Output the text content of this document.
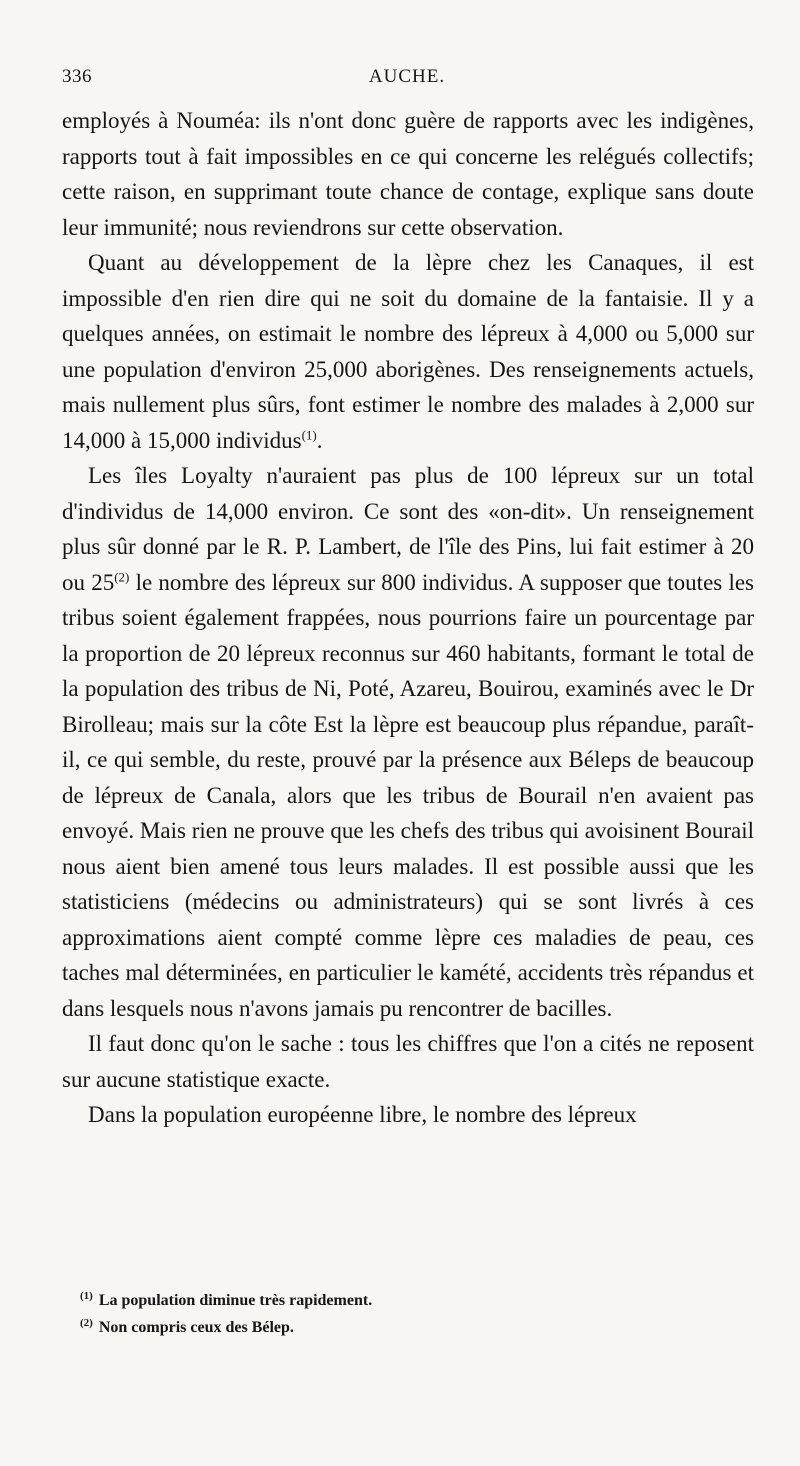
336	AUCHE.

employés à Nouméa: ils n'ont donc guère de rapports avec les indigènes, rapports tout à fait impossibles en ce qui concerne les relégués collectifs; cette raison, en supprimant toute chance de contage, explique sans doute leur immunité; nous reviendrons sur cette observation.

Quant au développement de la lèpre chez les Canaques, il est impossible d'en rien dire qui ne soit du domaine de la fantaisie. Il y a quelques années, on estimait le nombre des lépreux à 4,000 ou 5,000 sur une population d'environ 25,000 aborigènes. Des renseignements actuels, mais nullement plus sûrs, font estimer le nombre des malades à 2,000 sur 14,000 à 15,000 individus$^{(1)}$.

Les îles Loyalty n'auraient pas plus de 100 lépreux sur un total d'individus de 14,000 environ. Ce sont des «on-dit». Un renseignement plus sûr donné par le R. P. Lambert, de l'île des Pins, lui fait estimer à 20 ou 25$^{(2)}$ le nombre des lépreux sur 800 individus. A supposer que toutes les tribus soient également frappées, nous pourrions faire un pourcentage par la proportion de 20 lépreux reconnus sur 460 habitants, formant le total de la population des tribus de Ni, Poté, Azareu, Bouirou, examinés avec le Dr Birolleau; mais sur la côte Est la lèpre est beaucoup plus répandue, paraît-il, ce qui semble, du reste, prouvé par la présence aux Béleps de beaucoup de lépreux de Canala, alors que les tribus de Bourail n'en avaient pas envoyé. Mais rien ne prouve que les chefs des tribus qui avoisinent Bourail nous aient bien amené tous leurs malades. Il est possible aussi que les statisticiens (médecins ou administrateurs) qui se sont livrés à ces approximations aient compté comme lèpre ces maladies de peau, ces taches mal déterminées, en particulier le kamété, accidents très répandus et dans lesquels nous n'avons jamais pu rencontrer de bacilles.

Il faut donc qu'on le sache : tous les chiffres que l'on a cités ne reposent sur aucune statistique exacte.

Dans la population européenne libre, le nombre des lépreux

$^{(1)}$ La population diminue très rapidement.
$^{(2)}$ Non compris ceux des Bélep.
